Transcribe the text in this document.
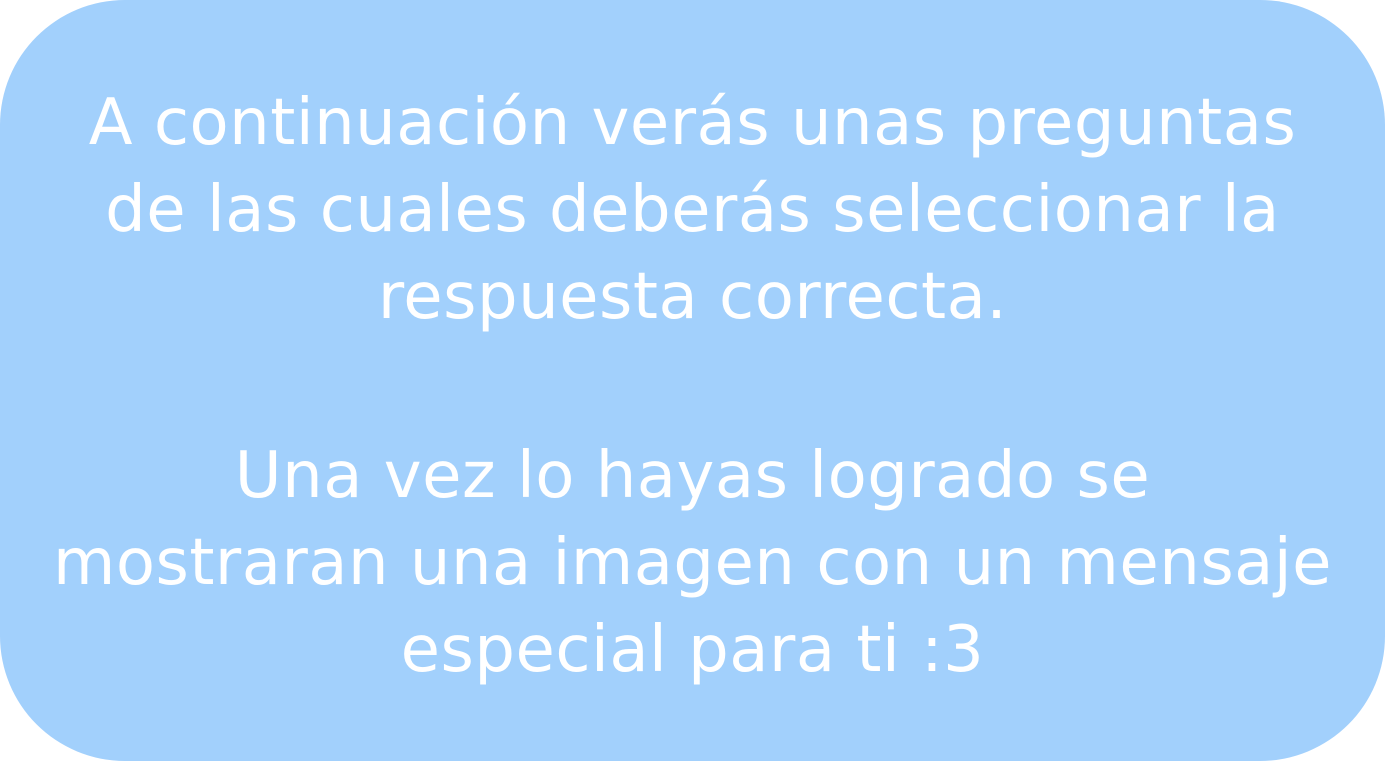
A continuación verás unas preguntas
de las cuales deberás seleccionar la
respuesta correcta.

Una vez lo hayas logrado se
mostraran una imagen con un mensaje
especial para ti :3
